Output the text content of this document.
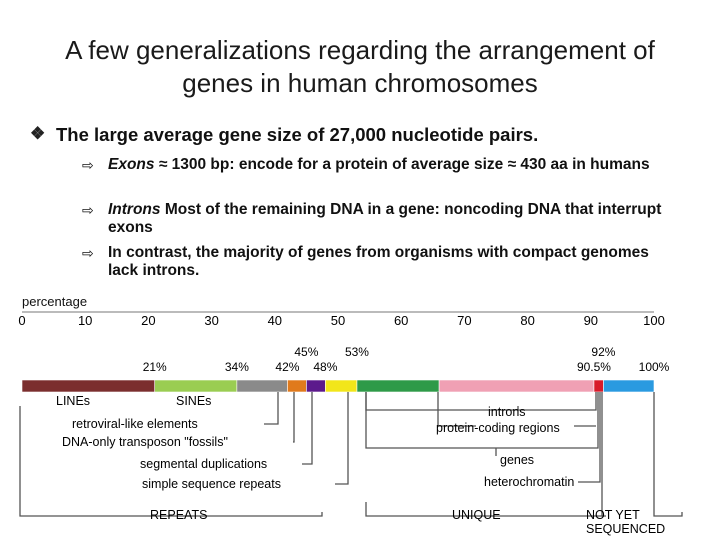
A few generalizations regarding the arrangement of
genes in human chromosomes
❖ The large average gene size of 27,000 nucleotide pairs.
⇨ Exons ≈ 1300 bp: encode for a protein of average size ≈ 430 aa in humans
⇨ Introns Most of the remaining DNA in a gene: noncoding DNA that interrupt exons
⇨ In contrast, the majority of genes from organisms with compact genomes lack introns.
percentage
0	10	20	30	40	50	60	70	80	90	100
21%	34% 42%
45%
48%
53%	92%
90.5% 100%
LINEs	SINEs
retroviral-like elements
DNA-only transposon "fossils"
segmental duplications
simple sequence repeats
introns
protein-coding regions
genes
heterochromatin
REPEATS	UNIQUE	NOT YET
SEQUENCED
